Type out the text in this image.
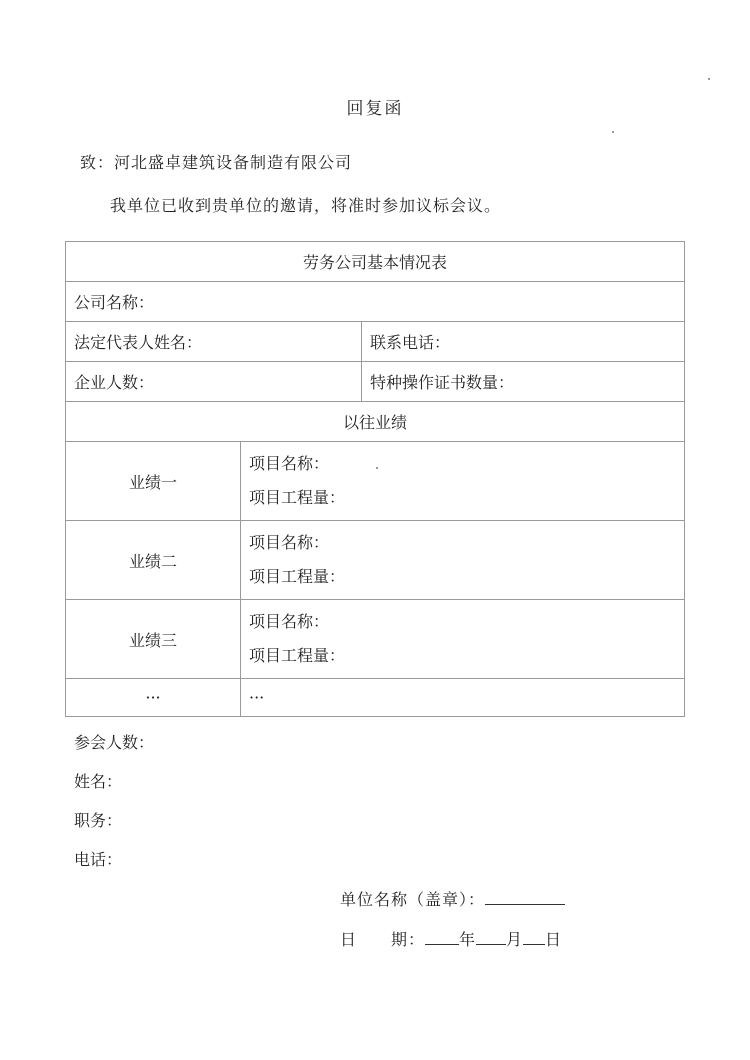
回复函
致：河北盛卓建筑设备制造有限公司
我单位已收到贵单位的邀请，将准时参加议标会议。
劳务公司基本情况表		
公司名称：		
法定代表人姓名：		联系电话：
企业人数：		特种操作证书数量：
以往业绩		
业绩一	项目名称：
项目工程量：	

业绩二	项目名称：
项目工程量：	

业绩三	项目名称：
项目工程量：	

···	···	
参会人数：
姓名：
职务：
电话：
单位名称（盖章）：
日　　期： 年 月 日
